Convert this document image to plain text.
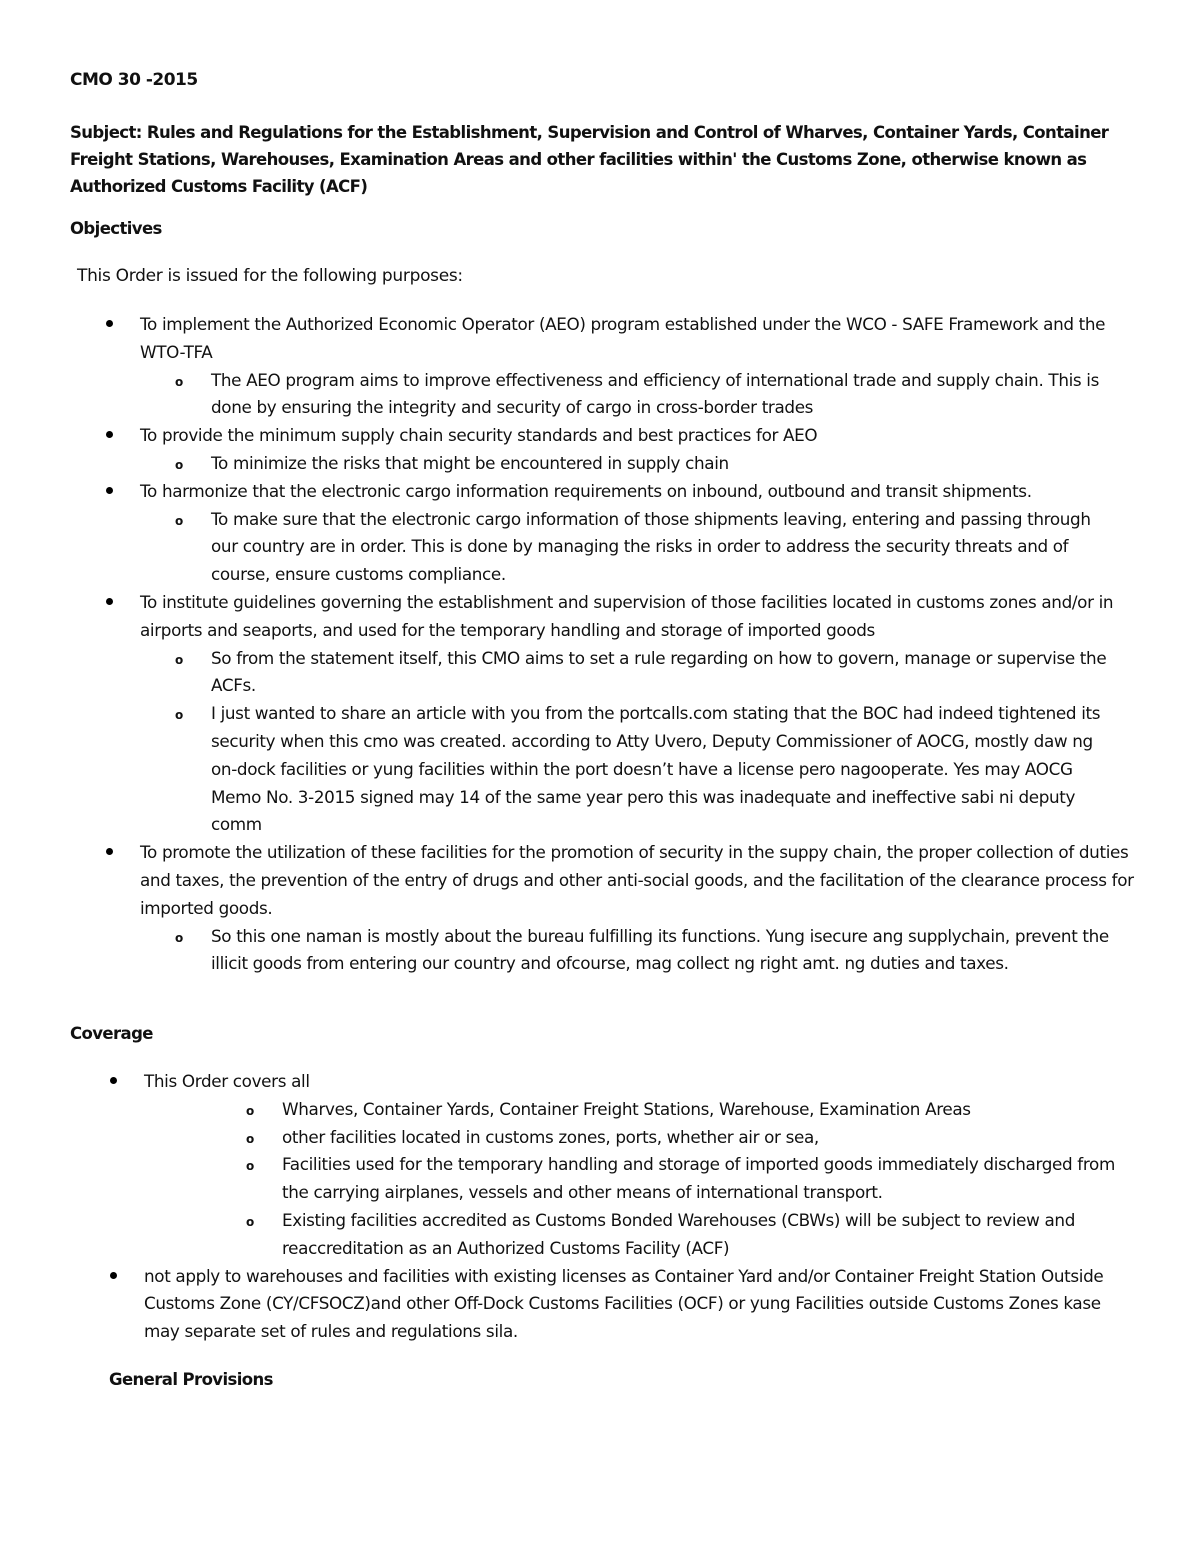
CMO 30 -2015
Subject: Rules and Regulations for the Establishment, Supervision and Control of Wharves, Container Yards, Container Freight Stations, Warehouses, Examination Areas and other facilities within' the Customs Zone, otherwise known as Authorized Customs Facility (ACF)
Objectives
This Order is issued for the following purposes:
To implement the Authorized Economic Operator (AEO) program established under the WCO - SAFE Framework and the WTO-TFA
o The AEO program aims to improve effectiveness and efficiency of international trade and supply chain. This is done by ensuring the integrity and security of cargo in cross-border trades
To provide the minimum supply chain security standards and best practices for AEO
o To minimize the risks that might be encountered in supply chain
To harmonize that the electronic cargo information requirements on inbound, outbound and transit shipments.
o To make sure that the electronic cargo information of those shipments leaving, entering and passing through our country are in order. This is done by managing the risks in order to address the security threats and of course, ensure customs compliance.
To institute guidelines governing the establishment and supervision of those facilities located in customs zones and/or in airports and seaports, and used for the temporary handling and storage of imported goods
o So from the statement itself, this CMO aims to set a rule regarding on how to govern, manage or supervise the ACFs.
o I just wanted to share an article with you from the portcalls.com stating that the BOC had indeed tightened its security when this cmo was created. according to Atty Uvero, Deputy Commissioner of AOCG, mostly daw ng on-dock facilities or yung facilities within the port doesn’t have a license pero nagooperate. Yes may AOCG Memo No. 3-2015 signed may 14 of the same year pero this was inadequate and ineffective sabi ni deputy comm
To promote the utilization of these facilities for the promotion of security in the suppy chain, the proper collection of duties and taxes, the prevention of the entry of drugs and other anti-social goods, and the facilitation of the clearance process for imported goods.
o So this one naman is mostly about the bureau fulfilling its functions. Yung isecure ang supplychain, prevent the illicit goods from entering our country and ofcourse, mag collect ng right amt. ng duties and taxes.
Coverage
This Order covers all
o Wharves, Container Yards, Container Freight Stations, Warehouse, Examination Areas
o other facilities located in customs zones, ports, whether air or sea,
o Facilities used for the temporary handling and storage of imported goods immediately discharged from the carrying airplanes, vessels and other means of international transport.
o Existing facilities accredited as Customs Bonded Warehouses (CBWs) will be subject to review and reaccreditation as an Authorized Customs Facility (ACF)
not apply to warehouses and facilities with existing licenses as Container Yard and/or Container Freight Station Outside Customs Zone (CY/CFSOCZ)and other Off-Dock Customs Facilities (OCF) or yung Facilities outside Customs Zones kase may separate set of rules and regulations sila.
General Provisions
